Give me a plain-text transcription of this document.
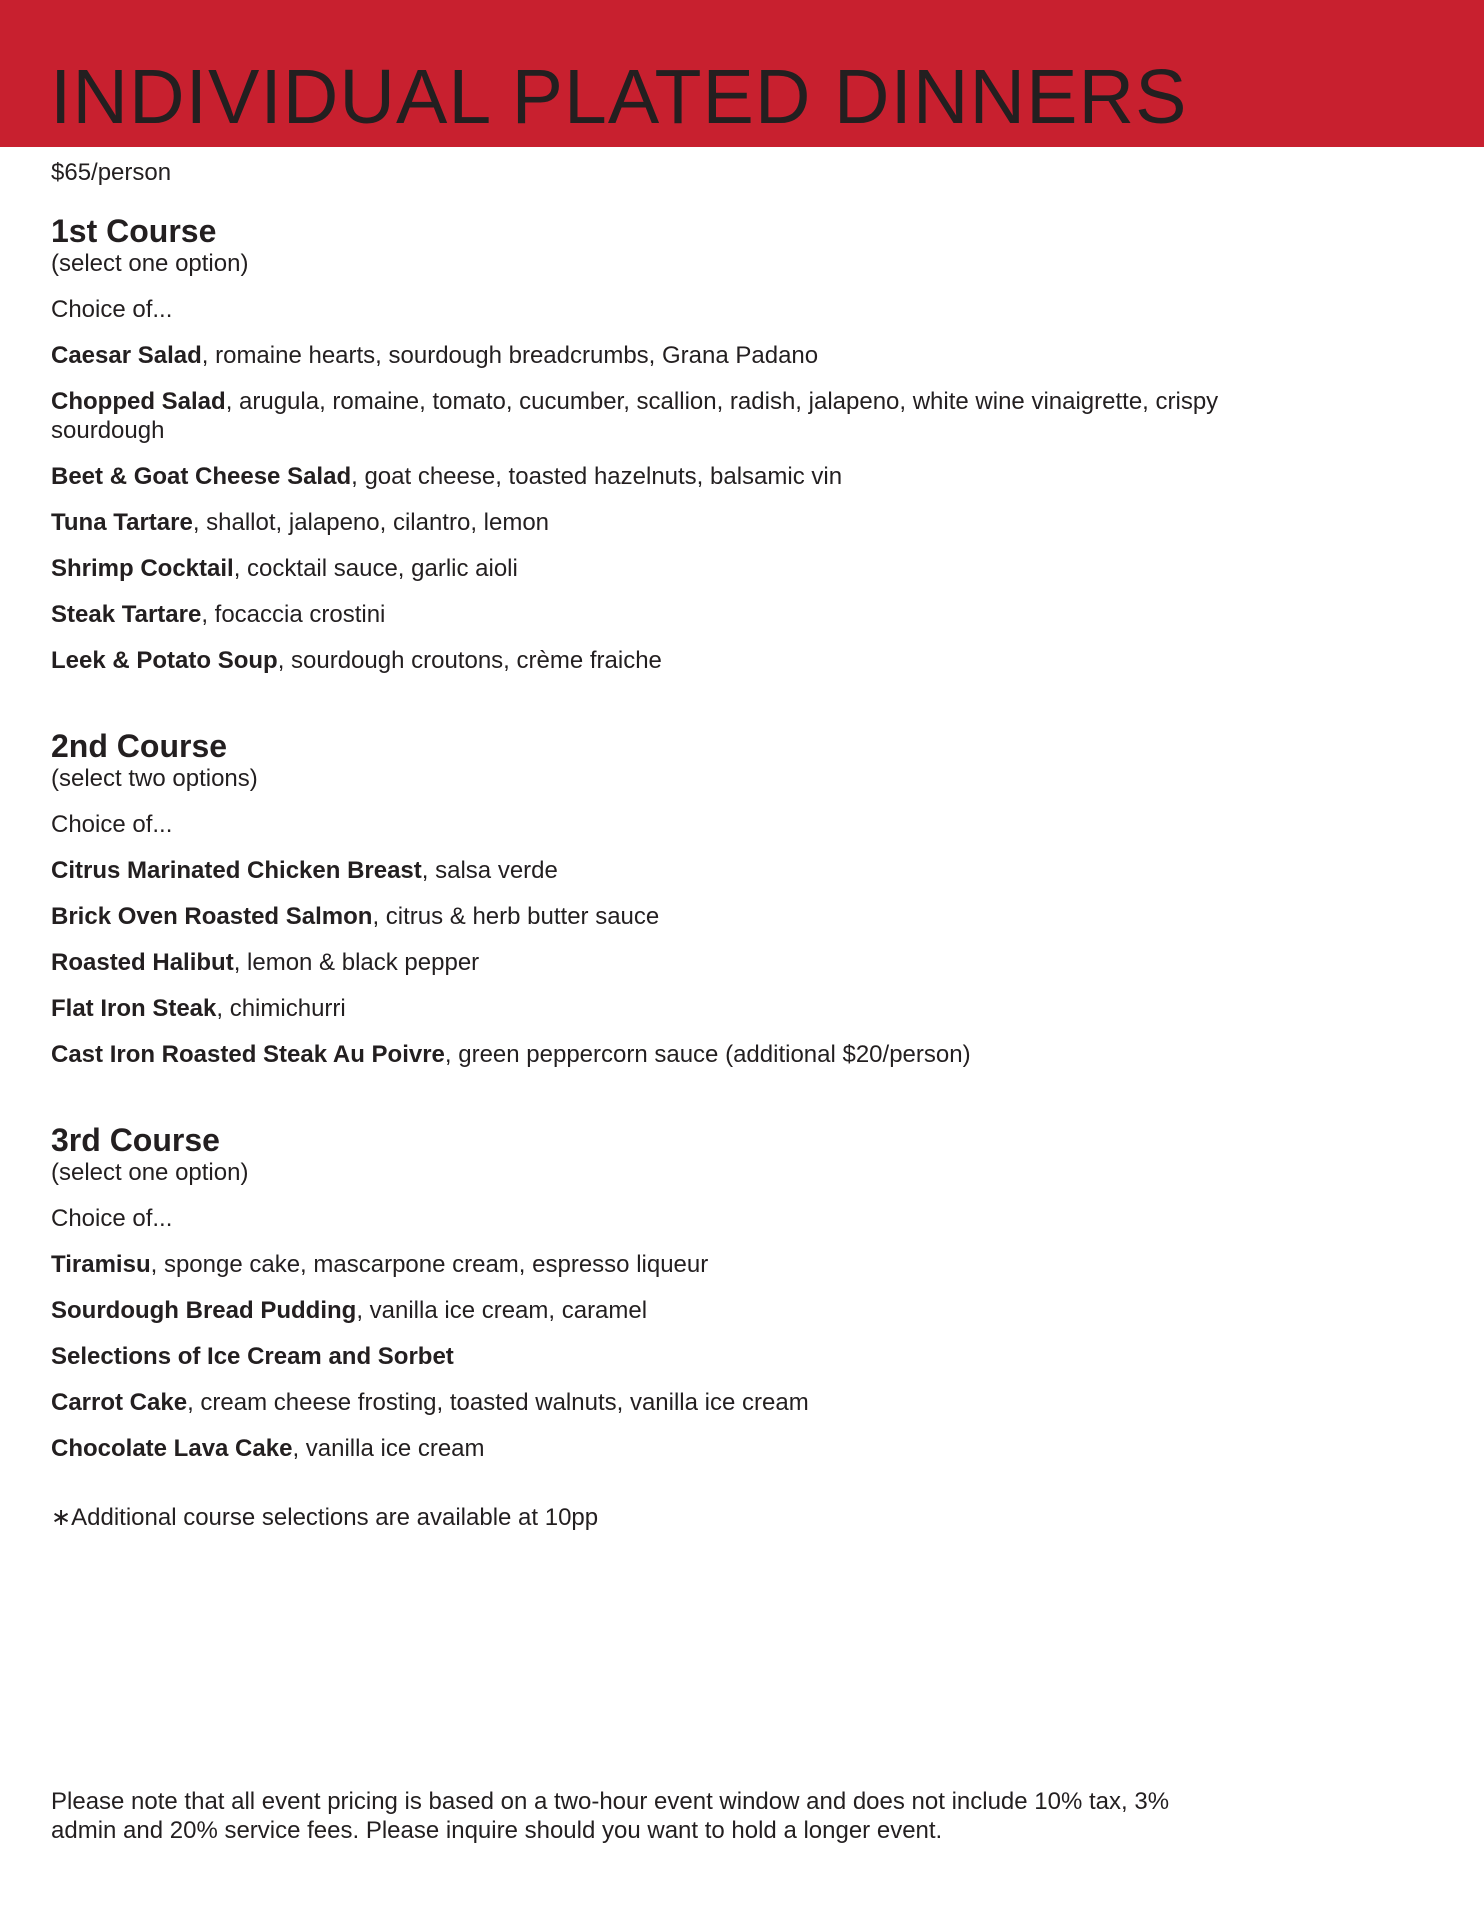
INDIVIDUAL PLATED DINNERS

$65/person

1st Course

(select one option)

Choice of...

Caesar Salad, romaine hearts, sourdough breadcrumbs, Grana Padano

Chopped Salad, arugula, romaine, tomato, cucumber, scallion, radish, jalapeno, white wine vinaigrette, crispy sourdough

Beet & Goat Cheese Salad, goat cheese, toasted hazelnuts, balsamic vin

Tuna Tartare, shallot, jalapeno, cilantro, lemon

Shrimp Cocktail, cocktail sauce, garlic aioli

Steak Tartare, focaccia crostini

Leek & Potato Soup, sourdough croutons, crème fraiche

2nd Course

(select two options)

Choice of...

Citrus Marinated Chicken Breast, salsa verde

Brick Oven Roasted Salmon, citrus & herb butter sauce

Roasted Halibut, lemon & black pepper

Flat Iron Steak, chimichurri

Cast Iron Roasted Steak Au Poivre, green peppercorn sauce (additional $20/person)

3rd Course

(select one option)

Choice of...

Tiramisu, sponge cake, mascarpone cream, espresso liqueur

Sourdough Bread Pudding, vanilla ice cream, caramel

Selections of Ice Cream and Sorbet

Carrot Cake, cream cheese frosting, toasted walnuts, vanilla ice cream

Chocolate Lava Cake, vanilla ice cream

∗Additional course selections are available at 10pp

Please note that all event pricing is based on a two-hour event window and does not include 10% tax, 3% admin and 20% service fees. Please inquire should you want to hold a longer event.
